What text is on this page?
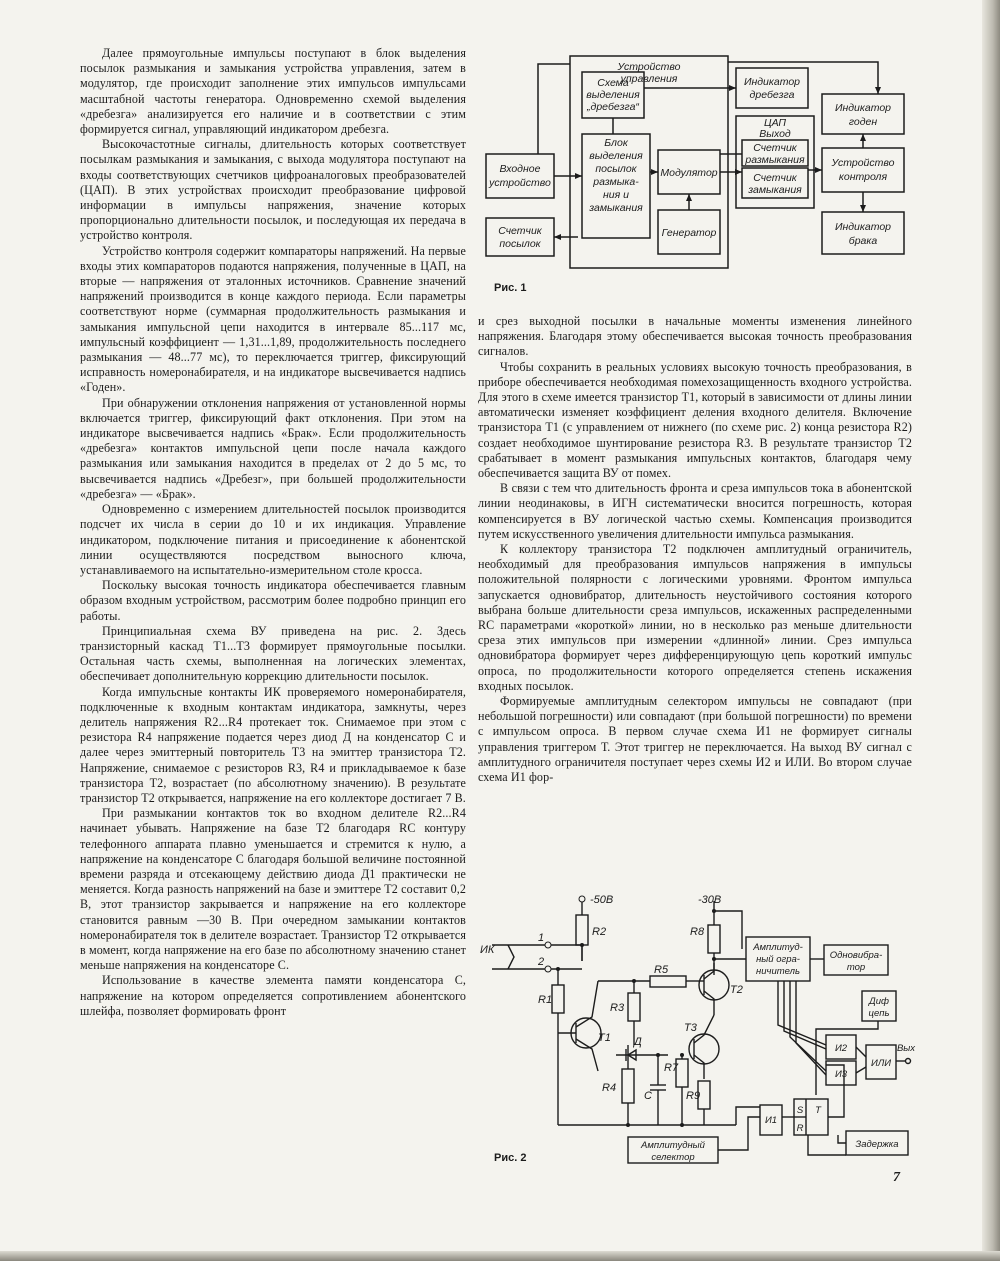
Далее прямоугольные импульсы поступают в блок выделения посылок размыкания и замыкания устройства управления, затем в модулятор, где происходит заполнение этих импульсов импульсами масштабной частоты генератора. Одновременно схемой выделения «дребезга» анализируется его наличие и в соответствии с этим формируется сигнал, управляющий индикатором дребезга.

Высокочастотные сигналы, длительность которых соответствует посылкам размыкания и замыкания, с выхода модулятора поступают на входы соответствующих счетчиков цифроаналоговых преобразователей (ЦАП). В этих устройствах происходит преобразование цифровой информации в импульсы напряжения, значение которых пропорционально длительности посылок, и последующая их передача в устройство контроля.

Устройство контроля содержит компараторы напряжений. На первые входы этих компараторов подаются напряжения, полученные в ЦАП, на вторые — напряжения от эталонных источников. Сравнение значений напряжений производится в конце каждого периода. Если параметры соответствуют норме (суммарная продолжительность размыкания и замыкания импульсной цепи находится в интервале 85...117 мс, импульсный коэффициент — 1,31...1,89, продолжительность последнего размыкания — 48...77 мс), то переключается триггер, фиксирующий исправность номеронабирателя, и на индикаторе высвечивается надпись «Годен».

При обнаружении отклонения напряжения от установленной нормы включается триггер, фиксирующий факт отклонения. При этом на индикаторе высвечивается надпись «Брак». Если продолжительность «дребезга» контактов импульсной цепи после начала каждого размыкания или замыкания находится в пределах от 2 до 5 мс, то высвечивается надпись «Дребезг», при большей продолжительности «дребезга» — «Брак».

Одновременно с измерением длительностей посылок производится подсчет их числа в серии до 10 и их индикация. Управление индикатором, подключение питания и присоединение к абонентской линии осуществляются посредством выносного ключа, устанавливаемого на испытательно-измерительном столе кросса.

Поскольку высокая точность индикатора обеспечивается главным образом входным устройством, рассмотрим более подробно принцип его работы.

Принципиальная схема ВУ приведена на рис. 2. Здесь транзисторный каскад T1...T3 формирует прямоугольные посылки. Остальная часть схемы, выполненная на логических элементах, обеспечивает дополнительную коррекцию длительности посылок.

Когда импульсные контакты ИК проверяемого номеронабирателя, подключенные к входным контактам индикатора, замкнуты, через делитель напряжения R2...R4 протекает ток. Снимаемое при этом с резистора R4 напряжение подается через диод Д на конденсатор С и далее через эмиттерный повторитель T3 на эмиттер транзистора T2. Напряжение, снимаемое с резисторов R3, R4 и прикладываемое к базе транзистора T2, возрастает (по абсолютному значению). В результате транзистор T2 открывается, напряжение на его коллекторе достигает 7 В.

При размыкании контактов ток во входном делителе R2...R4 начинает убывать. Напряжение на базе T2 благодаря RC контуру телефонного аппарата плавно уменьшается и стремится к нулю, а напряжение на конденсаторе С благодаря большой величине постоянной времени разряда и отсекающему действию диода Д1 практически не меняется. Когда разность напряжений на базе и эмиттере T2 составит 0,2 В, этот транзистор закрывается и напряжение на его коллекторе становится равным —30 В. При очередном замыкании контактов номеронабирателя ток в делителе возрастает. Транзистор T2 открывается в момент, когда напряжение на его базе по абсолютному значению станет меньше напряжения на конденсаторе С.

Использование в качестве элемента памяти конденсатора С, напряжение на котором определяется сопротивлением абонентского шлейфа, позволяет формировать фронт

Входное
устройство
Счетчик
посылок
Схема
выделения
„дребезга“
Блок
выделения
посылок
размыка-
ния и
замыкания
Модулятор
Генератор
Устройство
управления	Индикатор
дребезга
ЦАП
Выход
Счетчик
размыкания
Счетчик
замыкания
Устройство
контроля
Индикатор
годен
Индикатор
брака
Рис. 1

и срез выходной посылки в начальные моменты изменения линейного напряжения. Благодаря этому обеспечивается высокая точность преобразования сигналов.

Чтобы сохранить в реальных условиях высокую точность преобразования, в приборе обеспечивается необходимая помехозащищенность входного устройства. Для этого в схеме имеется транзистор T1, который в зависимости от длины линии автоматически изменяет коэффициент деления входного делителя. Включение транзистора T1 (с управлением от нижнего (по схеме рис. 2) конца резистора R2) создает необходимое шунтирование резистора R3. В результате транзистор T2 срабатывает в момент размыкания импульсных контактов, благодаря чему обеспечивается защита ВУ от помех.

В связи с тем что длительность фронта и среза импульсов тока в абонентской линии неодинаковы, в ИГН систематически вносится погрешность, которая компенсируется в ВУ логической частью схемы. Компенсация производится путем искусственного увеличения длительности импульса размыкания.

К коллектору транзистора T2 подключен амплитудный ограничитель, необходимый для преобразования импульсов напряжения в импульсы положительной полярности с логическими уровнями. Фронтом импульса запускается одновибратор, длительность неустойчивого состояния которого выбрана больше длительности среза импульсов, искаженных распределенными RC параметрами «короткой» линии, но в несколько раз меньше длительности среза этих импульсов при измерении «длинной» линии. Срез импульса одновибратора формирует через дифференцирующую цепь короткий импульс опроса, по продолжительности которого определяется степень искажения входных посылок.

Формируемые амплитудным селектором импульсы не совпадают (при небольшой погрешности) или совпадают (при большой погрешности) по времени с импульсом опроса. В первом случае схема И1 не формирует сигналы управления триггером Т. Этот триггер не переключается. На выход ВУ сигнал с амплитудного ограничителя поступает через схемы И2 и ИЛИ. Во втором случае схема И1 фор-

-50В	-30В
ИК
1
2
R2	R8
R1
R5
R3
R4
R7
R9
T1
T2
T3
Д
C
Амплитуд-
ный огра-
ничитель
Одновибра-
тор
Диф
цепь
И2
И3
ИЛИ
Вых
И1
S
R
T
Задержка
Амплитудный
селектор
Рис. 2
7
